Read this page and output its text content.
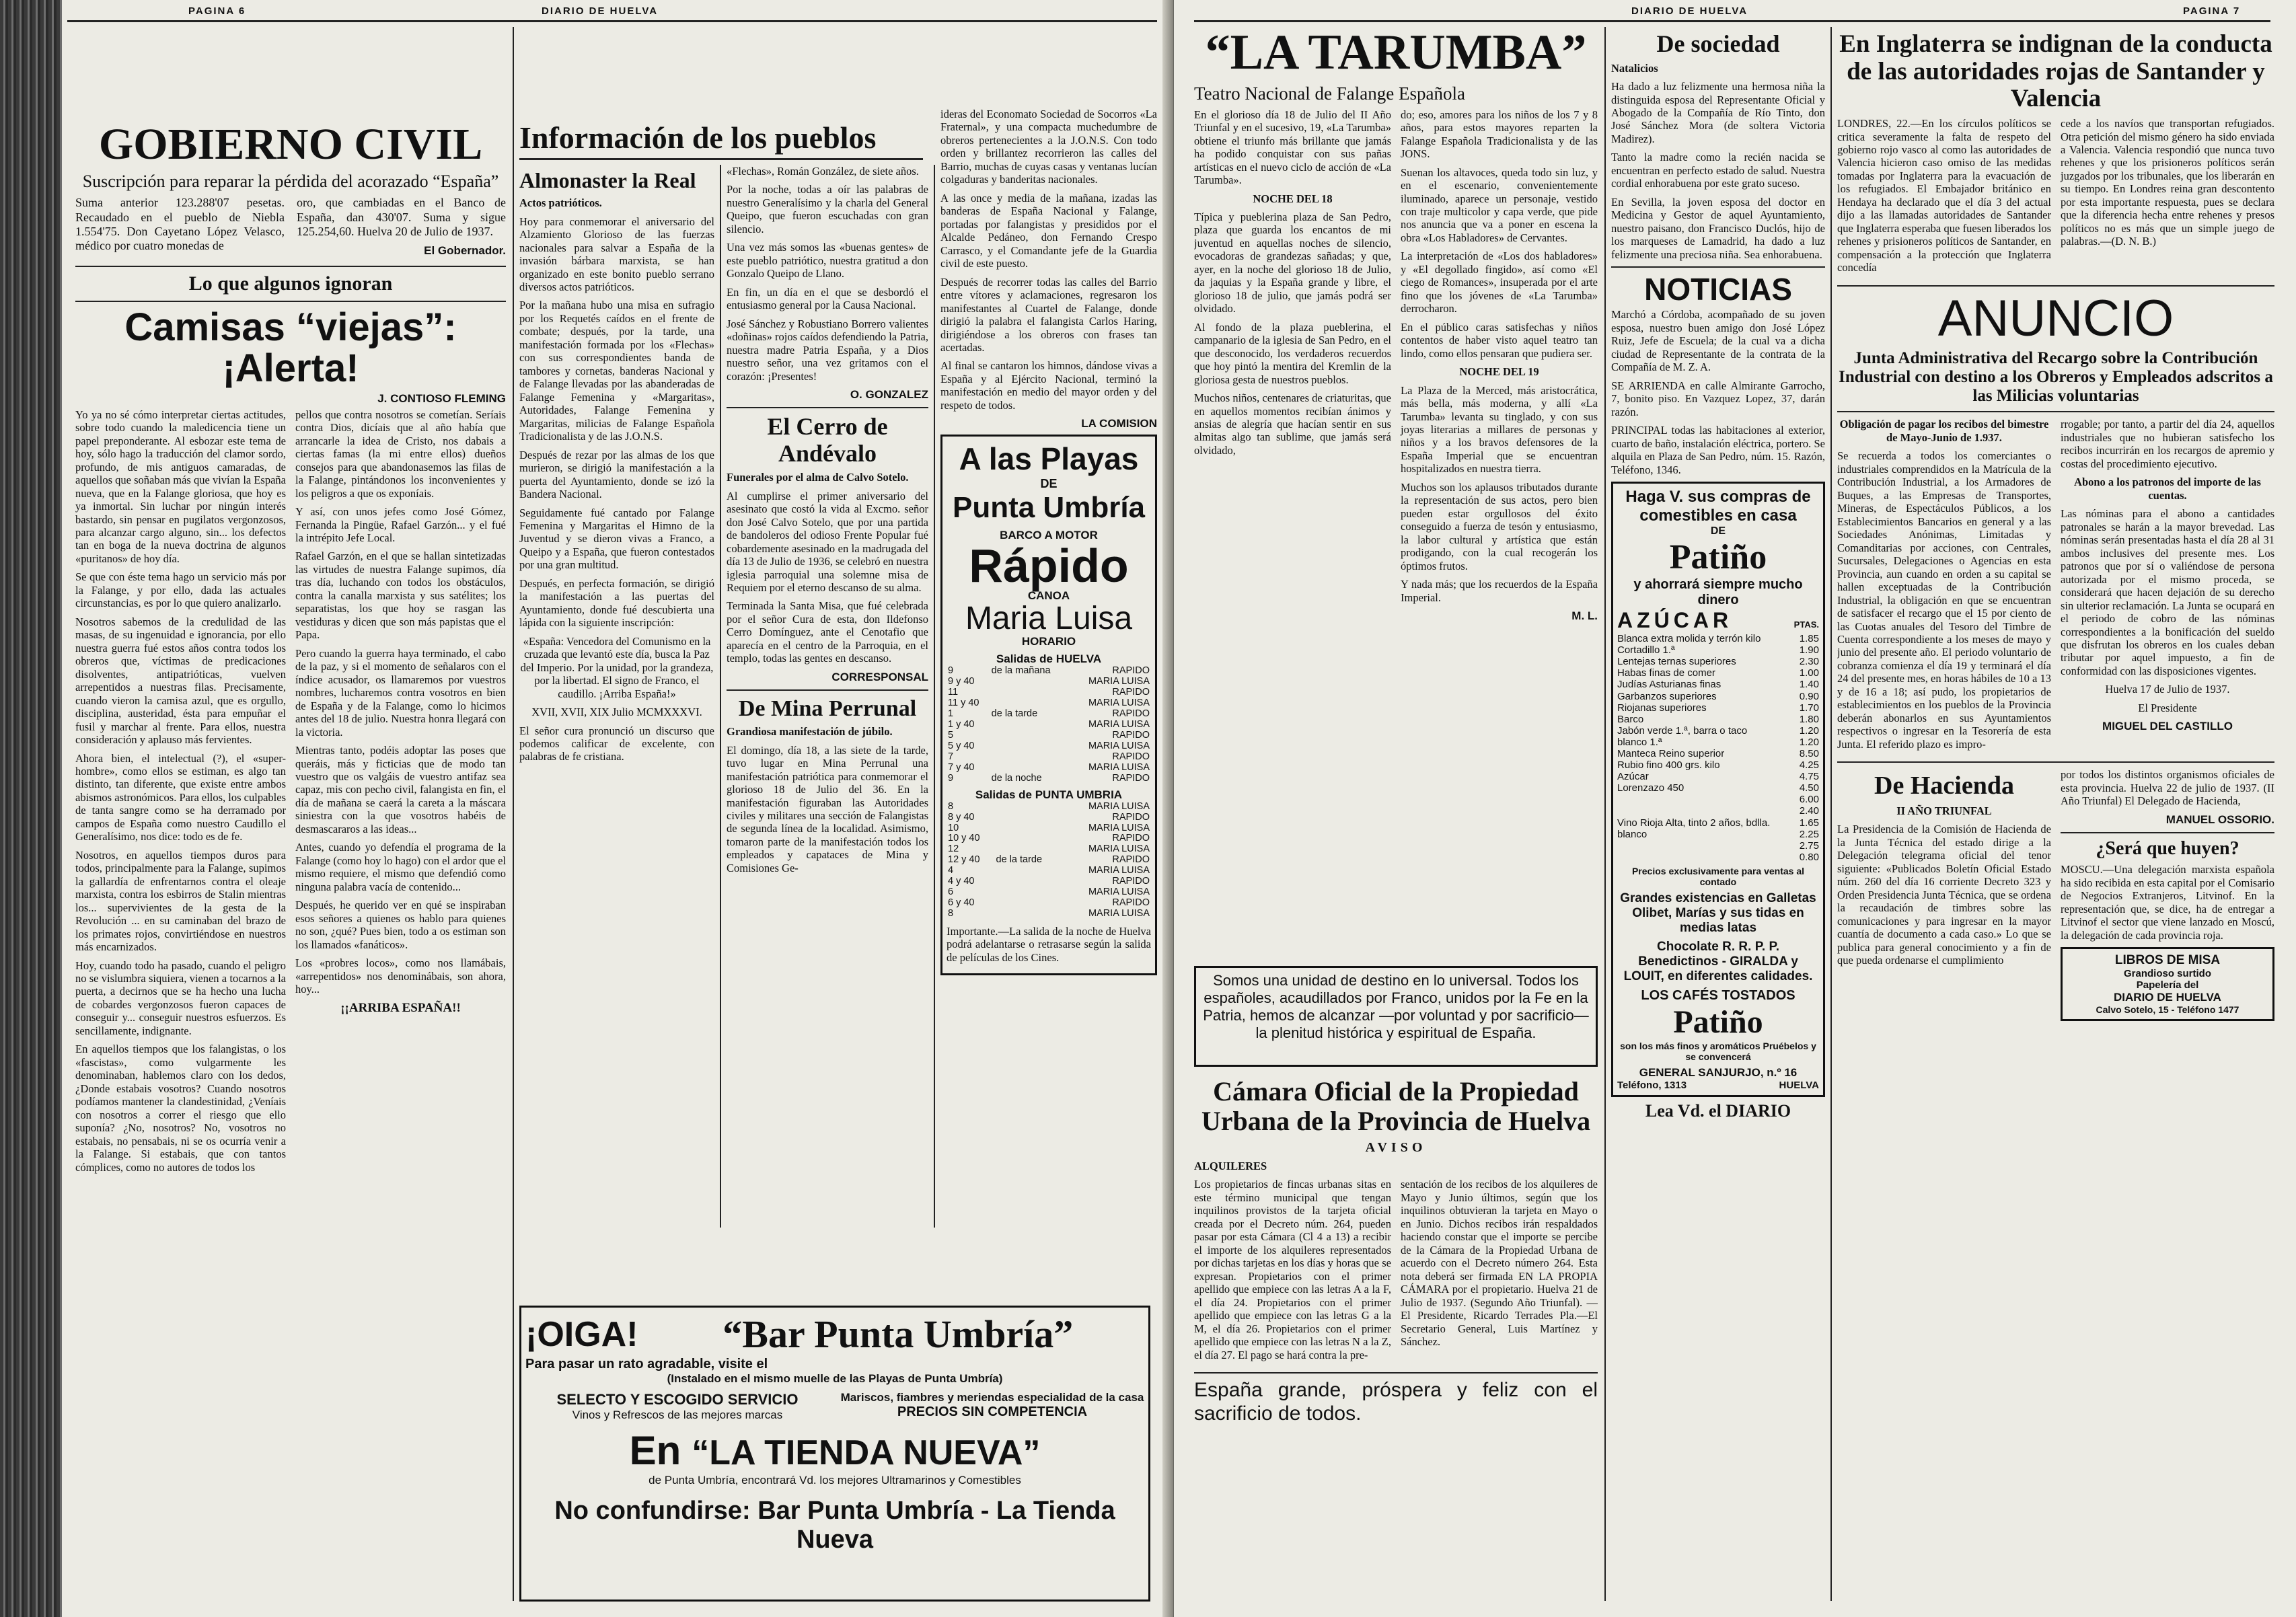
PAGINA 6	DIARIO DE HUELVA
GOBIERNO CIVIL

Suscripción para reparar la pérdida del acorazado “España”

Suma anterior 123.288'07 pesetas. Recaudado en el pueblo de Niebla 1.554'75. Don Cayetano López Velasco, médico por cuatro monedas de

oro, que cambiadas en el Banco de España, dan 430'07. Suma y sigue 125.254,60. Huelva 20 de Julio de 1937.

El Gobernador.

Lo que algunos ignoran

Camisas “viejas”: ¡Alerta!

J. CONTIOSO FLEMING

Yo ya no sé cómo interpretar ciertas actitudes, sobre todo cuando la maledicencia tiene un papel preponderante. Al esbozar este tema de hoy, sólo hago la traducción del clamor sordo, profundo, de mis antiguos camaradas, de aquellos que soñaban más que vivían la España nueva, que en la Falange gloriosa, que hoy es ya inmortal. Sin luchar por ningún interés bastardo, sin pensar en pugilatos vergonzosos, para alcanzar cargo alguno, sin... los defectos tan en boga de la nueva doctrina de algunos «puritanos» de hoy día.

Se que con éste tema hago un servicio más por la Falange, y por ello, dada las actuales circunstancias, es por lo que quiero analizarlo.

Nosotros sabemos de la credulidad de las masas, de su ingenuidad e ignorancia, por ello nuestra guerra fué estos años contra todos los obreros que, víctimas de predicaciones disolventes, antipatrióticas, vuelven arrepentidos a nuestras filas. Precisamente, cuando vieron la camisa azul, que es orgullo, disciplina, austeridad, ésta para empuñar el fusil y marchar al frente. Para ellos, nuestra consideración y aplauso más fervientes.

Ahora bien, el intelectual (?), el «super-hombre», como ellos se estiman, es algo tan distinto, tan diferente, que existe entre ambos abismos astronómicos. Para ellos, los culpables de tanta sangre como se ha derramado por campos de España como nuestro Caudillo el Generalísimo, nos dice: todo es de fe.

Nosotros, en aquellos tiempos duros para todos, principalmente para la Falange, supimos la gallardía de enfrentarnos contra el oleaje marxista, contra los esbirros de Stalin mientras los... supervivientes de la gesta de la Revolución ... en su caminaban del brazo de los primates rojos, convirtiéndose en nuestros más encarnizados.

Hoy, cuando todo ha pasado, cuando el peligro no se vislumbra siquiera, vienen a tocarnos a la puerta, a decirnos que se ha hecho una lucha de cobardes vergonzosos fueron capaces de conseguir y... conseguir nuestros esfuerzos. Es sencillamente, indignante.

En aquellos tiempos que los falangistas, o los «fascistas», como vulgarmente les denominaban, hablemos claro con los dedos, ¿Donde estabais vosotros? Cuando nosotros podíamos mantener la clandestinidad, ¿Veníais con nosotros a correr el riesgo que ello suponía? ¿No, nosotros? No, vosotros no estabais, no pensabais, ni se os ocurría venir a la Falange. Si estabais, que con tantos cómplices, como no autores de todos los

pellos que contra nosotros se cometían. Seríais contra Dios, dicíais que al año había que arrancarle la idea de Cristo, nos dabais a ciertas famas (la mi entre ellos) dueños consejos para que abandonasemos las filas de la Falange, pintándonos los inconvenientes y los peligros a que os exponíais.

Y así, con unos jefes como José Gómez, Fernanda la Pingüe, Rafael Garzón... y el fué la intrépito Jefe Local.

Rafael Garzón, en el que se hallan sintetizadas las virtudes de nuestra Falange supimos, día tras día, luchando con todos los obstáculos, contra la canalla marxista y sus satélites; los separatistas, los que hoy se rasgan las vestiduras y dicen que son más papistas que el Papa.

Pero cuando la guerra haya terminado, el cabo de la paz, y si el momento de señalaros con el índice acusador, os llamaremos por vuestros nombres, lucharemos contra vosotros en bien de España y de la Falange, como lo hicimos antes del 18 de julio. Nuestra honra llegará con la victoria.

Mientras tanto, podéis adoptar las poses que queráis, más y ficticias que de modo tan vuestro que os valgáis de vuestro antifaz sea capaz, mis con pecho civil, falangista en fin, el día de mañana se caerá la careta a la máscara siniestra con la que vosotros habéis de desmascararos a las ideas...

Antes, cuando yo defendía el programa de la Falange (como hoy lo hago) con el ardor que el mismo requiere, el mismo que defendió como ninguna palabra vacía de contenido...

Después, he querido ver en qué se inspiraban esos señores a quienes os hablo para quienes no son, ¿qué? Pues bien, todo a os estiman son los llamados «fanáticos».

Los «probres locos», como nos llamábais, «arrepentidos» nos denominábais, son ahora, hoy...

¡¡ARRIBA ESPAÑA!!

Información de los pueblos
Almonaster la Real

Actos patrióticos.

Hoy para conmemorar el aniversario del Alzamiento Glorioso de las fuerzas nacionales para salvar a España de la invasión bárbara marxista, se han organizado en este bonito pueblo serrano diversos actos patrióticos.

Por la mañana hubo una misa en sufragio por los Requetés caídos en el frente de combate; después, por la tarde, una manifestación formada por los «Flechas» con sus correspondientes banda de tambores y cornetas, banderas Nacional y de Falange llevadas por las abanderadas de Falange Femenina y «Margaritas», Autoridades, Falange Femenina y Margaritas, milicias de Falange Española Tradicionalista y de las J.O.N.S.

Después de rezar por las almas de los que murieron, se dirigió la manifestación a la puerta del Ayuntamiento, donde se izó la Bandera Nacional.

Seguidamente fué cantado por Falange Femenina y Margaritas el Himno de la Juventud y se dieron vivas a Franco, a Queipo y a España, que fueron contestados por una gran multitud.

Después, en perfecta formación, se dirigió la manifestación a las puertas del Ayuntamiento, donde fué descubierta una lápida con la siguiente inscripción:

«España: Vencedora del Comunismo en la cruzada que levantó este día, busca la Paz del Imperio. Por la unidad, por la grandeza, por la libertad. El signo de Franco, el caudillo. ¡Arriba España!»

XVII, XVII, XIX Julio MCMXXXVI.

El señor cura pronunció un discurso que podemos calificar de excelente, con palabras de fe cristiana.

«Flechas», Román González, de siete años.

Por la noche, todas a oír las palabras de nuestro Generalísimo y la charla del General Queipo, que fueron escuchadas con gran silencio.

Una vez más somos las «buenas gentes» de este pueblo patriótico, nuestra gratitud a don Gonzalo Queipo de Llano.

En fin, un día en el que se desbordó el entusiasmo general por la Causa Nacional.

José Sánchez y Robustiano Borrero valientes «doñinas» rojos caídos defendiendo la Patria, nuestra madre Patria España, y a Dios nuestro señor, una vez gritamos con el corazón: ¡Presentes!

O. GONZALEZ

El Cerro de Andévalo

Funerales por el alma de Calvo Sotelo.

Al cumplirse el primer aniversario del asesinato que costó la vida al Excmo. señor don José Calvo Sotelo, que por una partida de bandoleros del odioso Frente Popular fué cobardemente asesinado en la madrugada del día 13 de Julio de 1936, se celebró en nuestra iglesia parroquial una solemne misa de Requiem por el eterno descanso de su alma.

Terminada la Santa Misa, que fué celebrada por el señor Cura de esta, don Ildefonso Cerro Domínguez, ante el Cenotafio que aparecía en el centro de la Parroquia, en el templo, todas las gentes en descanso.

CORRESPONSAL

De Mina Perrunal

Grandiosa manifestación de júbilo.

El domingo, día 18, a las siete de la tarde, tuvo lugar en Mina Perrunal una manifestación patriótica para conmemorar el glorioso 18 de Julio del 36. En la manifestación figuraban las Autoridades civiles y militares una sección de Falangistas de segunda línea de la localidad. Asimismo, tomaron parte de la manifestación todos los empleados y capataces de Mina y Comisiones Ge-

ideras del Economato Sociedad de Socorros «La Fraternal», y una compacta muchedumbre de obreros pertenecientes a la J.O.N.S. Con todo orden y brillantez recorrieron las calles del Barrio, muchas de cuyas casas y ventanas lucían colgaduras y banderitas nacionales.

A las once y media de la mañana, izadas las banderas de España Nacional y Falange, portadas por falangistas y presididos por el Alcalde Pedáneo, don Fernando Crespo Carrasco, y el Comandante jefe de la Guardia civil de este puesto.

Después de recorrer todas las calles del Barrio entre vítores y aclamaciones, regresaron los manifestantes al Cuartel de Falange, donde dirigió la palabra el falangista Carlos Haring, dirigiéndose a los obreros con frases tan acertadas.

Al final se cantaron los himnos, dándose vivas a España y al Ejército Nacional, terminó la manifestación en medio del mayor orden y del respeto de todos.

LA COMISION

A las Playas
DE
Punta Umbría
BARCO A MOTOR
Rápido
CANOA
Maria Luisa
HORARIO
Salidas de HUELVA
9	de la mañana	RAPIDO
9 y 40		MARIA LUISA
11		RAPIDO
11 y 40		MARIA LUISA
1	de la tarde	RAPIDO
1 y 40		MARIA LUISA
5		RAPIDO
5 y 40		MARIA LUISA
7		RAPIDO
7 y 40		MARIA LUISA
9	de la noche	RAPIDO
Salidas de PUNTA UMBRIA
8		MARIA LUISA
8 y 40		RAPIDO
10		MARIA LUISA
10 y 40		RAPIDO
12		MARIA LUISA
12 y 40	de la tarde	RAPIDO
4		MARIA LUISA
4 y 40		RAPIDO
6		MARIA LUISA
6 y 40		RAPIDO
8		MARIA LUISA

Importante.—La salida de la noche de Huelva podrá adelantarse o retrasarse según la salida de películas de los Cines.

¡OIGA!	“Bar Punta Umbría”
Para pasar un rato agradable, visite el
(Instalado en el mismo muelle de las Playas de Punta Umbría)
SELECTO Y ESCOGIDO SERVICIO
Vinos y Refrescos de las mejores marcas
Mariscos, fiambres y meriendas especialidad de la casa
PRECIOS SIN COMPETENCIA
En “LA TIENDA NUEVA”
de Punta Umbría, encontrará Vd. los mejores Ultramarinos y Comestibles
No confundirse: Bar Punta Umbría - La Tienda Nueva
DIARIO DE HUELVA	PAGINA 7
“LA TARUMBA”

Teatro Nacional de Falange Española

En el glorioso día 18 de Julio del II Año Triunfal y en el sucesivo, 19, «La Tarumba» obtiene el triunfo más brillante que jamás ha podido conquistar con sus pañas artísticas en el nuevo ciclo de acción de «La Tarumba».

NOCHE DEL 18

Típica y pueblerina plaza de San Pedro, plaza que guarda los encantos de mi juventud en aquellas noches de silencio, evocadoras de grandezas sañadas; y que, ayer, en la noche del glorioso 18 de Julio, da jaquias y la España grande y libre, el glorioso 18 de julio, que jamás podrá ser olvidado.

Al fondo de la plaza pueblerina, el campanario de la iglesia de San Pedro, en el que desconocido, los verdaderos recuerdos que hoy pintó la mentira del Kremlin de la gloriosa gesta de nuestros pueblos.

Muchos niños, centenares de criaturitas, que en aquellos momentos recibían ánimos y ansias de alegría que hacían sentir en sus almitas algo tan sublime, que jamás será olvidado,

do; eso, amores para los niños de los 7 y 8 años, para estos mayores reparten la Falange Española Tradicionalista y de las JONS.

Suenan los altavoces, queda todo sin luz, y en el escenario, convenientemente iluminado, aparece un personaje, vestido con traje multicolor y capa verde, que pide nos anuncia que va a poner en escena la obra «Los Habladores» de Cervantes.

La interpretación de «Los dos habladores» y «El degollado fingido», así como «El ciego de Romances», insuperada por el arte fino que los jóvenes de «La Tarumba» derrocharon.

En el público caras satisfechas y niños contentos de haber visto aquel teatro tan lindo, como ellos pensaran que pudiera ser.

NOCHE DEL 19

La Plaza de la Merced, más aristocrática, más bella, más moderna, y allí «La Tarumba» levanta su tinglado, y con sus joyas literarias a millares de personas y niños y a los bravos defensores de la España Imperial que se encuentran hospitalizados en nuestra tierra.

Muchos son los aplausos tributados durante la representación de sus actos, pero bien pueden estar orgullosos del éxito conseguido a fuerza de tesón y entusiasmo, la labor cultural y artística que están prodigando, con la cual recogerán los óptimos frutos.

Y nada más; que los recuerdos de la España Imperial.

M. L.

Somos una unidad de destino en lo universal. Todos los españoles, acaudillados por Franco, unidos por la Fe en la Patria, hemos de alcanzar —por voluntad y por sacrificio— la plenitud histórica y espiritual de España.

Cámara Oficial de la Propiedad Urbana de la Provincia de Huelva

AVISO

ALQUILERES

Los propietarios de fincas urbanas sitas en este término municipal que tengan inquilinos provistos de la tarjeta oficial creada por el Decreto núm. 264, pueden pasar por esta Cámara (Cl 4 a 13) a recibir el importe de los alquileres representados por dichas tarjetas en los días y horas que se expresan. Propietarios con el primer apellido que empiece con las letras A a la F, el día 24. Propietarios con el primer apellido que empiece con las letras G a la M, el día 26. Propietarios con el primer apellido que empiece con las letras N a la Z, el día 27. El pago se hará contra la pre-

sentación de los recibos de los alquileres de Mayo y Junio últimos, según que los inquilinos obtuvieran la tarjeta en Mayo o en Junio. Dichos recibos irán respaldados haciendo constar que el importe se percibe de la Cámara de la Propiedad Urbana de acuerdo con el Decreto número 264. Esta nota deberá ser firmada EN LA PROPIA CÁMARA por el propietario. Huelva 21 de Julio de 1937. (Segundo Año Triunfal). —El Presidente, Ricardo Terrades Pla.—El Secretario General, Luis Martínez y Sánchez.

España grande, próspera y feliz con el sacrificio de todos.

De sociedad

Natalicios

Ha dado a luz felizmente una hermosa niña la distinguida esposa del Representante Oficial y Abogado de la Compañía de Río Tinto, don José Sánchez Mora (de soltera Victoria Madirez).

Tanto la madre como la recién nacida se encuentran en perfecto estado de salud. Nuestra cordial enhorabuena por este grato suceso.

En Sevilla, la joven esposa del doctor en Medicina y Gestor de aquel Ayuntamiento, nuestro paisano, don Francisco Duclós, hijo de los marqueses de Lamadrid, ha dado a luz felizmente una preciosa niña. Sea enhorabuena.

NOTICIAS

Marchó a Córdoba, acompañado de su joven esposa, nuestro buen amigo don José López Ruiz, Jefe de Escuela; de la cual va a dicha ciudad de Representante de la contrata de la Compañía de M. Z. A.

SE ARRIENDA en calle Almirante Garrocho, 7, bonito piso. En Vazquez Lopez, 37, darán razón.

PRINCIPAL todas las habitaciones al exterior, cuarto de baño, instalación eléctrica, portero. Se alquila en Plaza de San Pedro, núm. 15. Razón, Teléfono, 1346.

Haga V. sus compras de comestibles en casa
DE
Patiño
y ahorrará siempre mucho dinero
AZÚCAR	PTAS.
Blanca extra molida y terrón kilo	1.85
Cortadillo 1.ª	1.90
Lentejas ternas superiores	2.30
Habas finas de comer	1.00
Judías Asturianas finas	1.40
Garbanzos superiores	0.90
Riojanas superiores	1.70
Barco	1.80
Jabón verde 1.ª, barra o taco	1.20
blanco 1.ª	1.20
Manteca Reino superior	8.50
Rubio fino 400 grs. kilo	4.25
Azúcar	4.75
Lorenzazo 450	4.50
6.00
2.40
Vino Rioja Alta, tinto 2 años, bdlla.	1.65
blanco	2.25
2.75
0.80
Precios exclusivamente para ventas al contado
Grandes existencias en Galletas Olibet, Marías y sus tidas en medias latas
Chocolate R. R. P. P. Benedictinos - GIRALDA y LOUIT, en diferentes calidades.
LOS CAFÉS TOSTADOS
Patiño
son los más finos y aromáticos Pruébelos y se convencerá
GENERAL SANJURJO, n.º 16
Teléfono, 1313	HUELVA
Lea Vd. el DIARIO
En Inglaterra se indignan de la conducta de las autoridades rojas de Santander y Valencia

LONDRES, 22.—En los círculos políticos se critica severamente la falta de respeto del gobierno rojo vasco al como las autoridades de Valencia hicieron caso omiso de las medidas tomadas por Inglaterra para la evacuación de los refugiados. El Embajador británico en Hendaya ha declarado que el día 3 del actual dijo a las llamadas autoridades de Santander que Inglaterra esperaba que fuesen liberados los rehenes y prisioneros políticos de Santander, en compensación a la protección que Inglaterra concedía

cede a los navíos que transportan refugiados. Otra petición del mismo género ha sido enviada a Valencia. Valencia respondió que nunca tuvo rehenes y que los prisioneros políticos serán juzgados por los tribunales, que los liberarán en su tiempo. En Londres reina gran descontento por esta importante respuesta, pues se declara que la diferencia hecha entre rehenes y presos políticos no es más que un simple juego de palabras.—(D. N. B.)

ANUNCIO

Junta Administrativa del Recargo sobre la Contribución Industrial con destino a los Obreros y Empleados adscritos a las Milicias voluntarias

Obligación de pagar los recibos del bimestre de Mayo-Junio de 1.937.

Se recuerda a todos los comerciantes o industriales comprendidos en la Matrícula de la Contribución Industrial, a los Armadores de Buques, a las Empresas de Transportes, Mineras, de Espectáculos Públicos, a los Establecimientos Bancarios en general y a las Sociedades Anónimas, Limitadas y Comanditarias por acciones, con Centrales, Sucursales, Delegaciones o Agencias en esta Provincia, aun cuando en orden a su capital se hallen exceptuadas de la Contribución Industrial, la obligación en que se encuentran de satisfacer el recargo que el 15 por ciento de las Cuotas anuales del Tesoro del Timbre de Cuenta correspondiente a los meses de mayo y junio del presente año. El periodo voluntario de cobranza comienza el día 19 y terminará el día 24 del presente mes, en horas hábiles de 10 a 13 y de 16 a 18; así pudo, los propietarios de establecimientos en los pueblos de la Provincia deberán abonarlos en sus Ayuntamientos respectivos o ingresar en la Tesorería de esta Junta. El referido plazo es impro-

rrogable; por tanto, a partir del día 24, aquellos industriales que no hubieran satisfecho los recibos incurrirán en los recargos de apremio y costas del procedimiento ejecutivo.

Abono a los patronos del importe de las cuentas.

Las nóminas para el abono a cantidades patronales se harán a la mayor brevedad. Las nóminas serán presentadas hasta el día 28 al 31 ambos inclusives del presente mes. Los patronos que por sí o valiéndose de persona autorizada por el mismo proceda, se considerará que hacen dejación de su derecho sin ulterior reclamación. La Junta se ocupará en el periodo de cobro de las nóminas correspondientes a la bonificación del sueldo que disfrutan los obreros en los cuales deban tributar por aquel impuesto, a fin de conformidad con las disposiciones vigentes.

Huelva 17 de Julio de 1937.

El Presidente

MIGUEL DEL CASTILLO

De Hacienda

II AÑO TRIUNFAL

La Presidencia de la Comisión de Hacienda de la Junta Técnica del estado dirige a la Delegación telegrama oficial del tenor siguiente: «Publicados Boletín Oficial Estado núm. 260 del día 16 corriente Decreto 323 y Orden Presidencia Junta Técnica, que se ordena la recaudación de timbres sobre las comunicaciones y para ingresar en la mayor cuantía de documento a cada caso.» Lo que se publica para general conocimiento y a fin de que pueda ordenarse el cumplimiento

por todos los distintos organismos oficiales de esta provincia. Huelva 22 de julio de 1937. (II Año Triunfal) El Delegado de Hacienda,

MANUEL OSSORIO.

¿Será que huyen?

MOSCU.—Una delegación marxista española ha sido recibida en esta capital por el Comisario de Negocios Extranjeros, Litvinof. En la representación que, se dice, ha de entregar a Litvinof el sector que viene lanzado en Moscú, la delegación de cada provincia roja.

LIBROS DE MISA
Grandioso surtido
Papelería del
DIARIO DE HUELVA
Calvo Sotelo, 15 - Teléfono 1477
